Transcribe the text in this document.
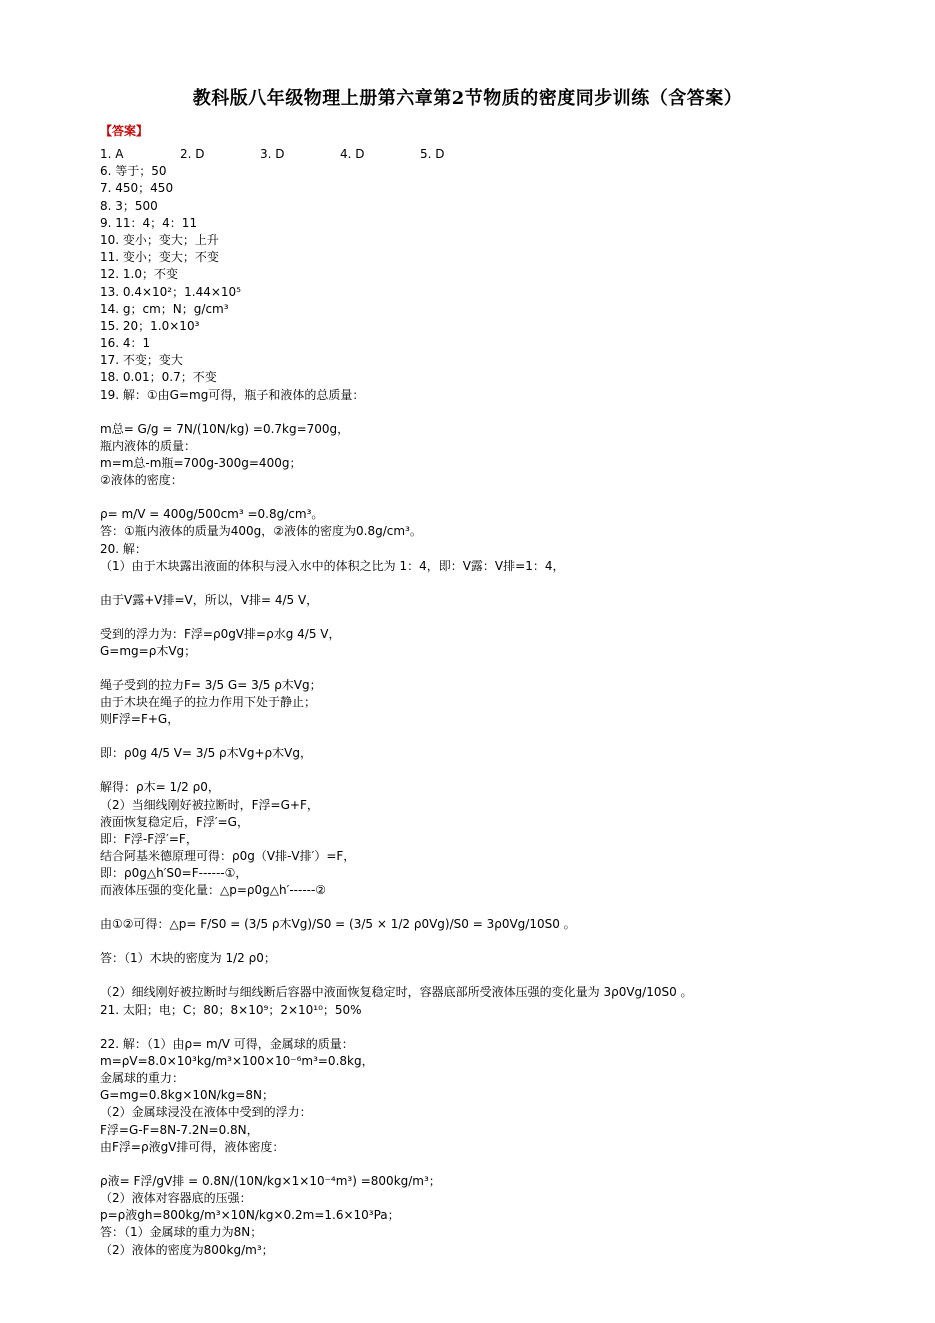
教科版八年级物理上册第六章第2节物质的密度同步训练（含答案）
【答案】
1. A	2. D	3. D	4. D	5. D
6. 等于；50
7. 450；450
8. 3；500
9. 11：4；4：11
10. 变小；变大；上升
11. 变小；变大；不变
12. 1.0；不变
13. 0.4×10²；1.44×10⁵
14. g；cm；N；g/cm³
15. 20；1.0×10³
16. 4：1
17. 不变；变大
18. 0.01；0.7；不变
19. 解：①由G=mg可得，瓶子和液体的总质量：
m总= G/g = 7N/(10N/kg) =0.7kg=700g，
瓶内液体的质量：
m=m总-m瓶=700g-300g=400g；
②液体的密度：
ρ= m/V = 400g/500cm³ =0.8g/cm³。
答：①瓶内液体的质量为400g，②液体的密度为0.8g/cm³。
20. 解：
（1）由于木块露出液面的体积与浸入水中的体积之比为 1：4，即：V露：V排=1：4，
由于V露+V排=V，所以，V排= 4/5 V，
受到的浮力为：F浮=ρ0gV排=ρ水g 4/5 V，
G=mg=ρ木Vg；
绳子受到的拉力F= 3/5 G= 3/5 ρ木Vg；
由于木块在绳子的拉力作用下处于静止；
则F浮=F+G，
即：ρ0g 4/5 V= 3/5 ρ木Vg+ρ木Vg，
解得：ρ木= 1/2 ρ0，
（2）当细线刚好被拉断时，F浮=G+F，
液面恢复稳定后，F浮′=G，
即：F浮-F浮′=F，
结合阿基米德原理可得：ρ0g（V排-V排′）=F，
即：ρ0g△h′S0=F------①，
而液体压强的变化量：△p=ρ0g△h′------②
由①②可得：△p= F/S0 = (3/5 ρ木Vg)/S0 = (3/5 × 1/2 ρ0Vg)/S0 = 3ρ0Vg/10S0 。
答：（1）木块的密度为 1/2 ρ0；
（2）细线刚好被拉断时与细线断后容器中液面恢复稳定时，容器底部所受液体压强的变化量为 3ρ0Vg/10S0 。
21. 太阳；电；C；80；8×10⁹；2×10¹⁰；50%
22. 解：（1）由ρ= m/V 可得，金属球的质量：
m=ρV=8.0×10³kg/m³×100×10⁻⁶m³=0.8kg，
金属球的重力：
G=mg=0.8kg×10N/kg=8N；
（2）金属球浸没在液体中受到的浮力：
F浮=G-F=8N-7.2N=0.8N，
由F浮=ρ液gV排可得，液体密度：
ρ液= F浮/gV排 = 0.8N/(10N/kg×1×10⁻⁴m³) =800kg/m³；
（2）液体对容器底的压强：
p=ρ液gh=800kg/m³×10N/kg×0.2m=1.6×10³Pa；
答：（1）金属球的重力为8N；
（2）液体的密度为800kg/m³；
